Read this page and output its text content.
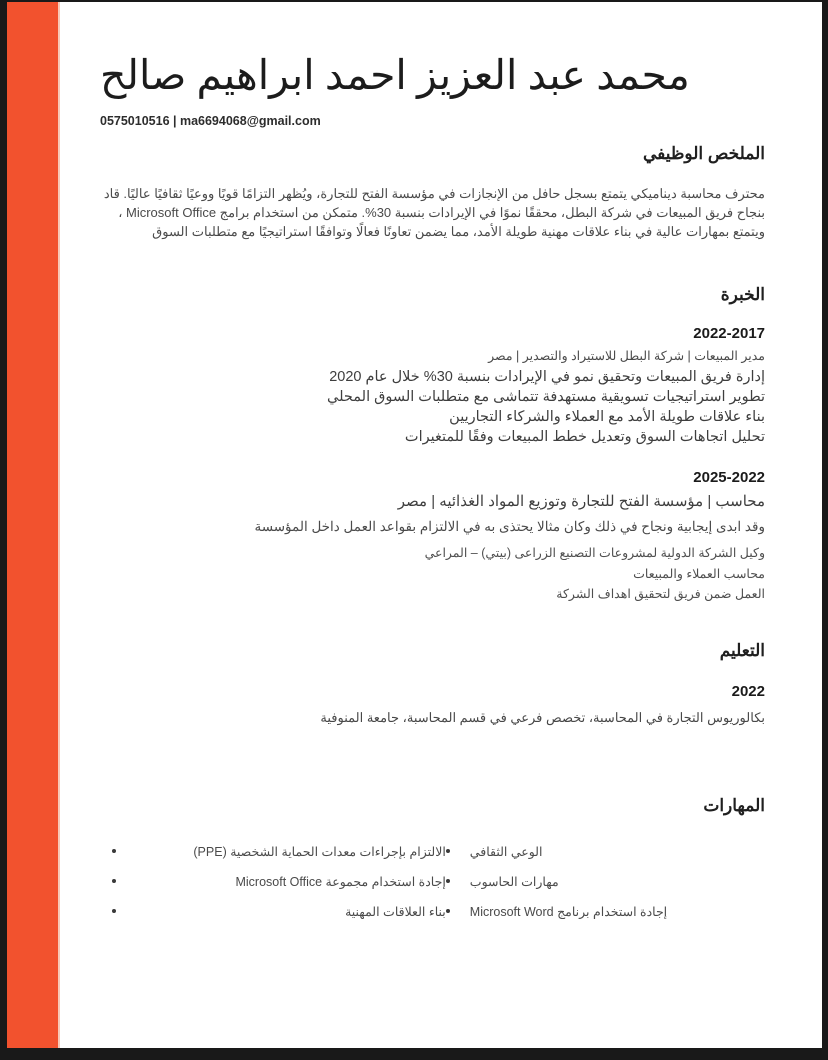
محمد عبد العزيز احمد ابراهيم صالح
0575010516 | ma6694068@gmail.com
الملخص الوظيفي

محترف محاسبة ديناميكي يتمتع بسجل حافل من الإنجازات في مؤسسة الفتح للتجارة، ويُظهر التزامًا قويًا ووعيًا ثقافيًا عاليًا. قاد بنجاح فريق المبيعات في شركة البطل، محققًا نموًا في الإيرادات بنسبة 30%. متمكن من استخدام برامج Microsoft Office ، ويتمتع بمهارات عالية في بناء علاقات مهنية طويلة الأمد، مما يضمن تعاونًا فعالًا وتوافقًا استراتيجيًا مع متطلبات السوق

الخبرة
2022-2017
مدير المبيعات | شركة البطل للاستيراد والتصدير | مصر
إدارة فريق المبيعات وتحقيق نمو في الإيرادات بنسبة 30% خلال عام 2020
تطوير استراتيجيات تسويقية مستهدفة تتماشى مع متطلبات السوق المحلي
بناء علاقات طويلة الأمد مع العملاء والشركاء التجاريين
تحليل اتجاهات السوق وتعديل خطط المبيعات وفقًا للمتغيرات
2025-2022
محاسب | مؤسسة الفتح للتجارة وتوزيع المواد الغذائيه | مصر
وقد ابدى إيجابية ونجاح في ذلك وكان مثالا يحتذى به في الالتزام بقواعد العمل داخل المؤسسة
وكيل الشركة الدولية لمشروعات التصنيع الزراعى (بيتي) – المراعي
محاسب العملاء والمبيعات
العمل ضمن فريق لتحقيق اهداف الشركة
التعليم
2022
بكالوريوس التجارة في المحاسبة، تخصص فرعي في قسم المحاسبة، جامعة المنوفية
المهارات
الالتزام بإجراءات معدات الحماية الشخصية (PPE)
إجادة استخدام مجموعة Microsoft Office
بناء العلاقات المهنية
الوعي الثقافي
مهارات الحاسوب
إجادة استخدام برنامج Microsoft Word
